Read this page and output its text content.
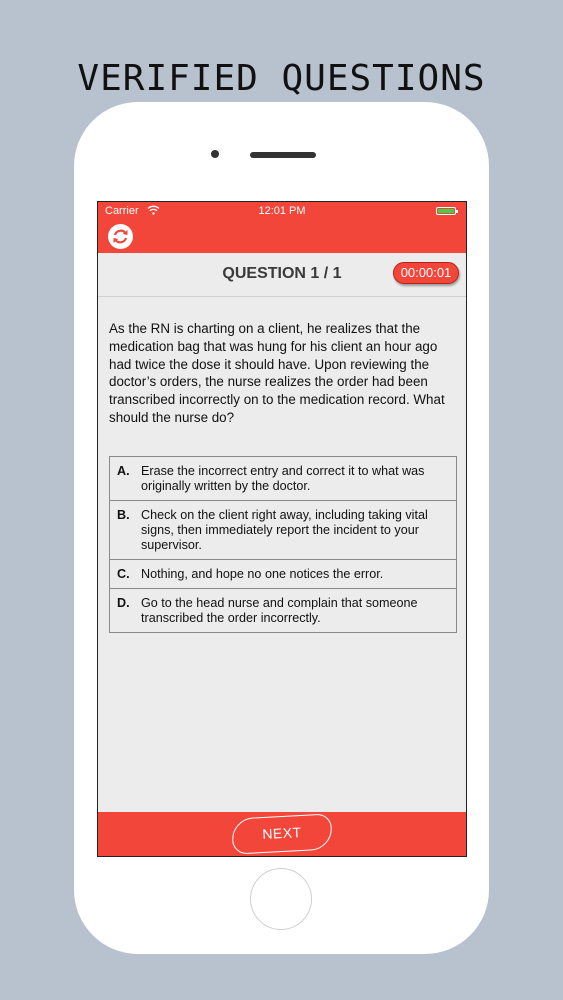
VERIFIED QUESTIONS
Carrier	12:01 PM
QUESTION 1 / 1	00:00:01
As the RN is charting on a client, he realizes that the medication bag that was hung for his client an hour ago had twice the dose it should have. Upon reviewing the doctor’s orders, the nurse realizes the order had been transcribed incorrectly on to the medication record. What should the nurse do?
A. Erase the incorrect entry and correct it to what was originally written by the doctor.
B. Check on the client right away, including taking vital signs, then immediately report the incident to your supervisor.
C. Nothing, and hope no one notices the error.
D. Go to the head nurse and complain that someone transcribed the order incorrectly.
NEXT
